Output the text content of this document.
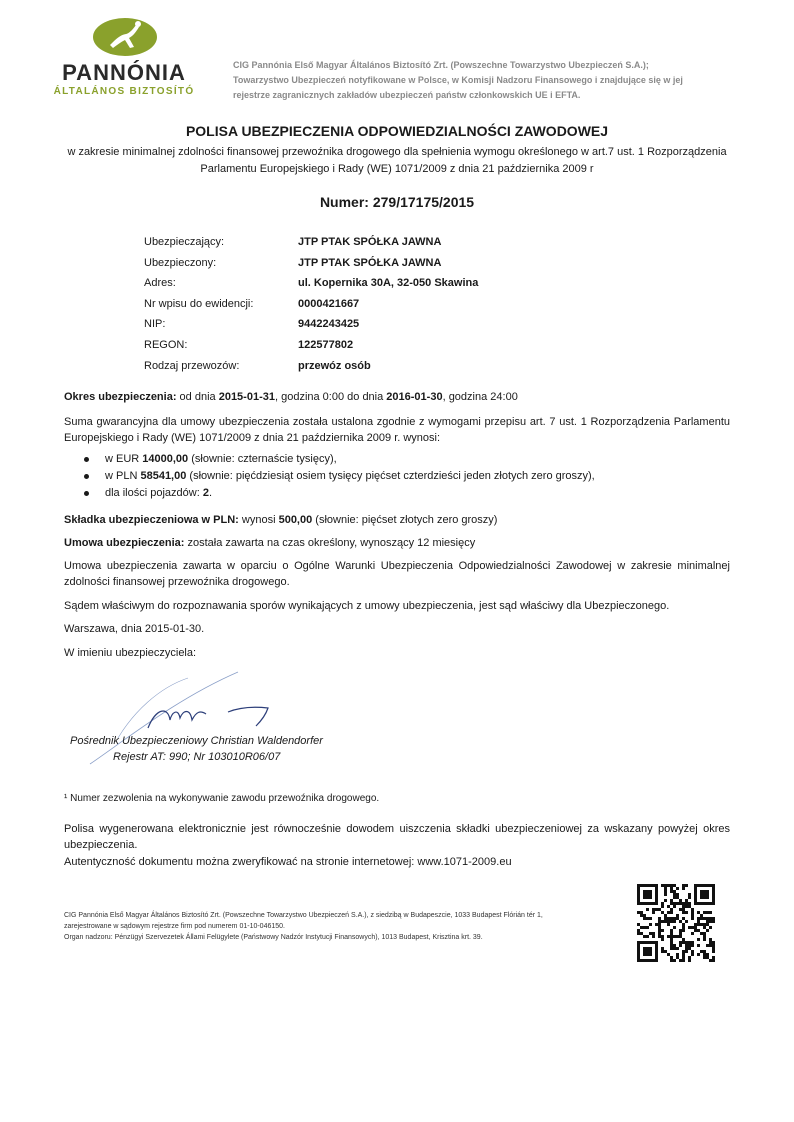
PANNÓNIA
ÁLTALÁNOS BIZTOSÍTÓ
CIG Pannónia Első Magyar Általános Biztosító Zrt. (Powszechne Towarzystwo Ubezpieczeń S.A.);
Towarzystwo Ubezpieczeń notyfikowane w Polsce, w Komisji Nadzoru Finansowego i znajdujące się w jej
rejestrze zagranicznych zakładów ubezpieczeń państw członkowskich UE i EFTA.
POLISA UBEZPIECZENIA ODPOWIEDZIALNOŚCI ZAWODOWEJ
w zakresie minimalnej zdolności finansowej przewoźnika drogowego dla spełnienia wymogu określonego w art.7 ust. 1 Rozporządzenia Parlamentu Europejskiego i Rady (WE) 1071/2009 z dnia 21 października 2009 r
Numer: 279/17175/2015
Ubezpieczający:	JTP PTAK SPÓŁKA JAWNA
Ubezpieczony:	JTP PTAK SPÓŁKA JAWNA
Adres:	ul. Kopernika 30A, 32-050 Skawina
Nr wpisu do ewidencji:	0000421667
NIP:	9442243425
REGON:	122577802
Rodzaj przewozów:	przewóz osób
Okres ubezpieczenia: od dnia 2015-01-31, godzina 0:00 do dnia 2016-01-30, godzina 24:00
Suma gwarancyjna dla umowy ubezpieczenia została ustalona zgodnie z wymogami przepisu art. 7 ust. 1 Rozporządzenia Parlamentu Europejskiego i Rady (WE) 1071/2009 z dnia 21 października 2009 r. wynosi:
w EUR 14000,00 (słownie: czternaście tysięcy),
w PLN 58541,00 (słownie: pięćdziesiąt osiem tysięcy pięćset czterdzieści jeden złotych zero groszy),
dla ilości pojazdów: 2.
Składka ubezpieczeniowa w PLN: wynosi 500,00 (słownie: pięćset złotych zero groszy)
Umowa ubezpieczenia: została zawarta na czas określony, wynoszący 12 miesięcy
Umowa ubezpieczenia zawarta w oparciu o Ogólne Warunki Ubezpieczenia Odpowiedzialności Zawodowej w zakresie minimalnej zdolności finansowej przewoźnika drogowego.
Sądem właściwym do rozpoznawania sporów wynikających z umowy ubezpieczenia, jest sąd właściwy dla Ubezpieczonego.
Warszawa, dnia 2015-01-30.
W imieniu ubezpieczyciela:
Pośrednik Ubezpieczeniowy Christian Waldendorfer
Rejestr AT: 990; Nr 103010R06/07
¹ Numer zezwolenia na wykonywanie zawodu przewoźnika drogowego.
Polisa wygenerowana elektronicznie jest równocześnie dowodem uiszczenia składki ubezpieczeniowej za wskazany powyżej okres ubezpieczenia.
Autentyczność dokumentu można zweryfikować na stronie internetowej: www.1071-2009.eu
CIG Pannónia Első Magyar Általános Biztosító Zrt. (Powszechne Towarzystwo Ubezpieczeń S.A.), z siedzibą w Budapeszcie, 1033 Budapest Flórián tér 1,
zarejestrowane w sądowym rejestrze firm pod numerem 01-10-046150.
Organ nadzoru: Pénzügyi Szervezetek Állami Felügylete (Państwowy Nadzór Instytucji Finansowych), 1013 Budapest, Krisztina krt. 39.
